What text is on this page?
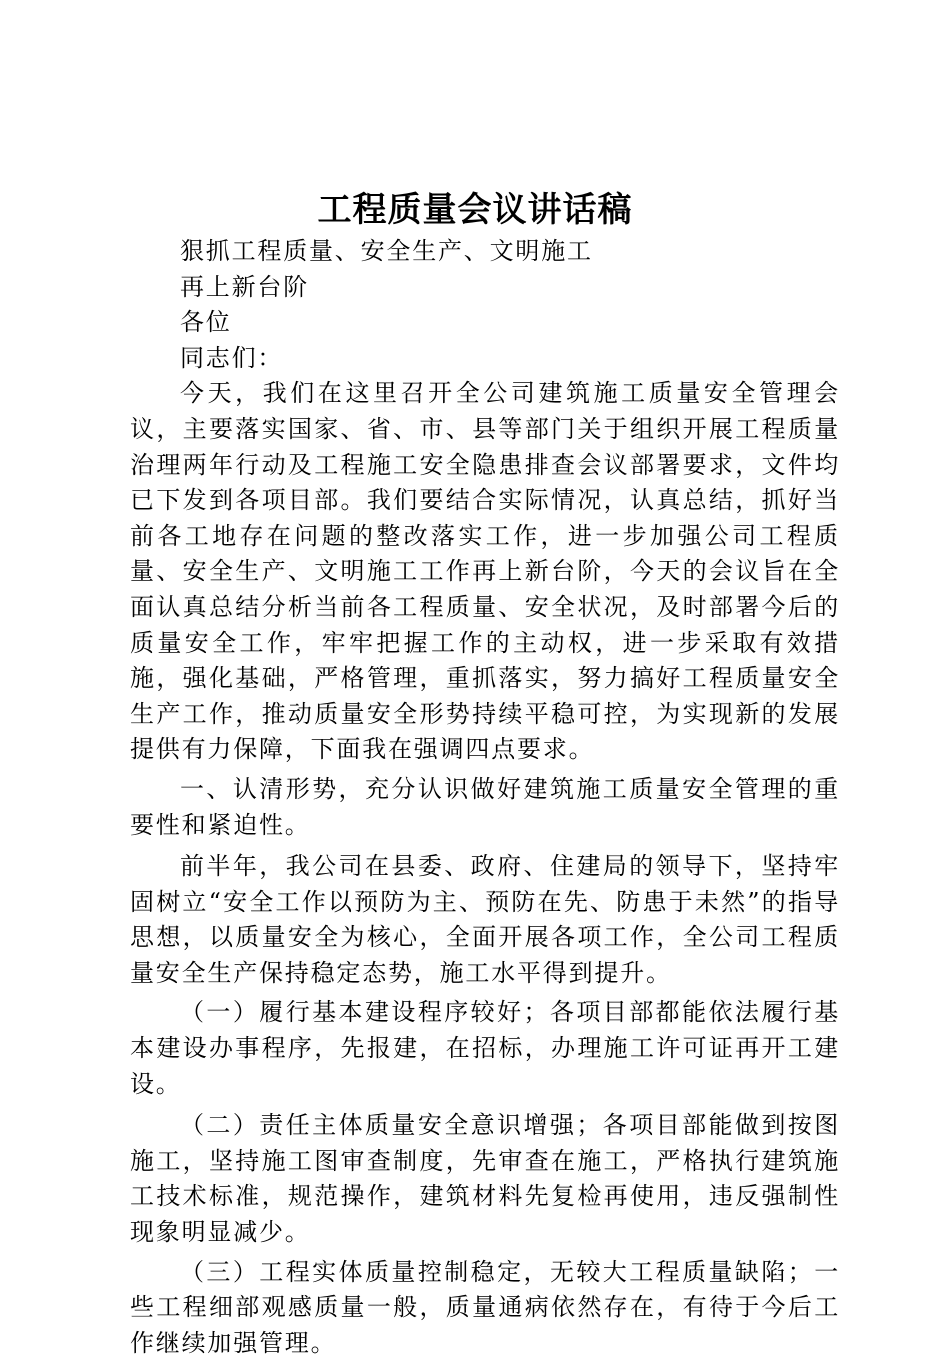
工程质量会议讲话稿

狠抓工程质量、安全生产、文明施工

再上新台阶

各位

同志们：

今天，我们在这里召开全公司建筑施工质量安全管理会议，主要落实国家、省、市、县等部门关于组织开展工程质量治理两年行动及工程施工安全隐患排查会议部署要求，文件均已下发到各项目部。我们要结合实际情况，认真总结，抓好当前各工地存在问题的整改落实工作，进一步加强公司工程质量、安全生产、文明施工工作再上新台阶，今天的会议旨在全面认真总结分析当前各工程质量、安全状况，及时部署今后的质量安全工作，牢牢把握工作的主动权，进一步采取有效措施，强化基础，严格管理，重抓落实，努力搞好工程质量安全生产工作，推动质量安全形势持续平稳可控，为实现新的发展提供有力保障，下面我在强调四点要求。

一、认清形势，充分认识做好建筑施工质量安全管理的重要性和紧迫性。

前半年，我公司在县委、政府、住建局的领导下，坚持牢固树立“安全工作以预防为主、预防在先、防患于未然”的指导思想，以质量安全为核心，全面开展各项工作，全公司工程质量安全生产保持稳定态势，施工水平得到提升。

（一）履行基本建设程序较好；各项目部都能依法履行基本建设办事程序，先报建，在招标，办理施工许可证再开工建设。

（二）责任主体质量安全意识增强；各项目部能做到按图施工，坚持施工图审查制度，先审查在施工，严格执行建筑施工技术标准，规范操作，建筑材料先复检再使用，违反强制性现象明显减少。

（三）工程实体质量控制稳定，无较大工程质量缺陷；一些工程细部观感质量一般，质量通病依然存在，有待于今后工作继续加强管理。
